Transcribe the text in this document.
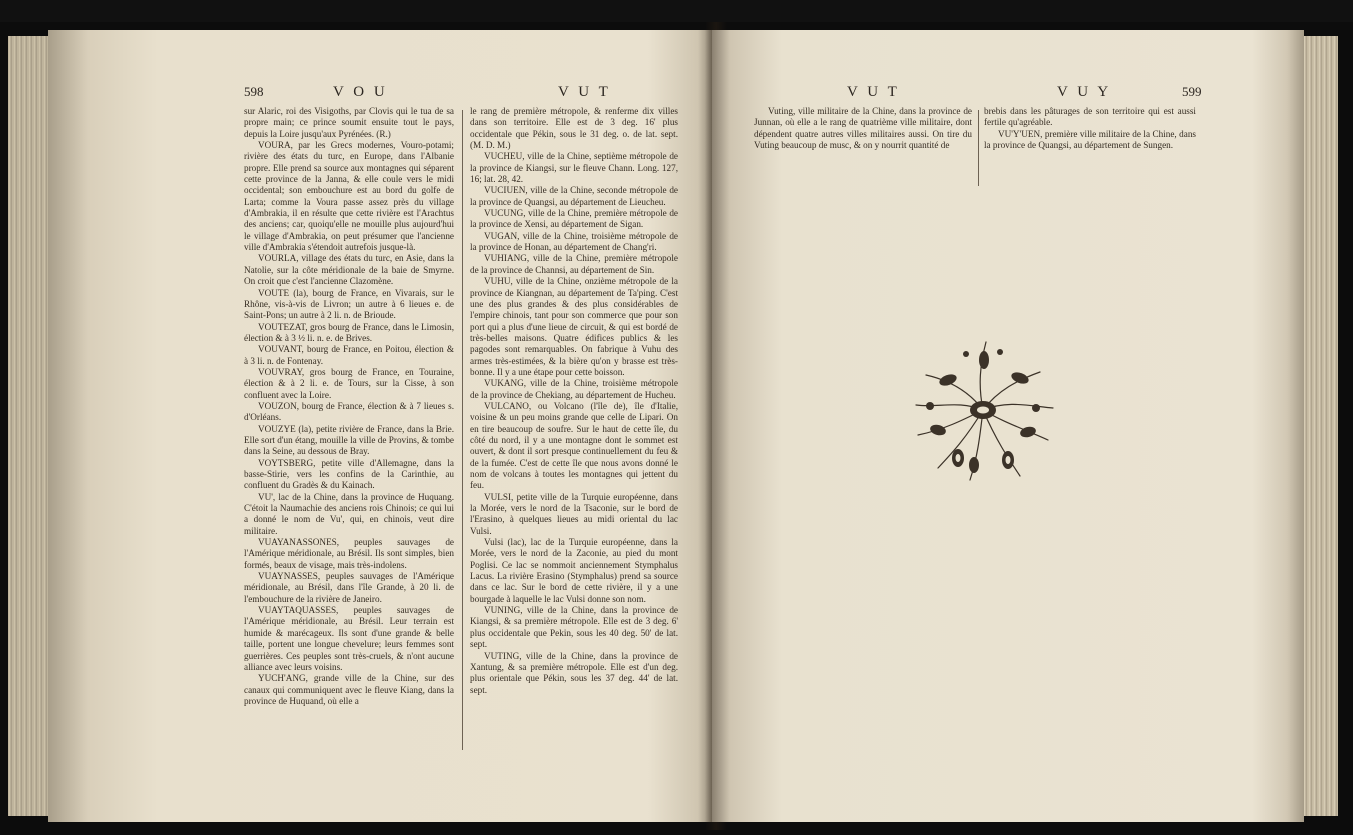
598	V O U	V U T

sur Alaric, roi des Visigoths, par Clovis qui le tua de sa propre main; ce prince soumit ensuite tout le pays, depuis la Loire jusqu'aux Pyrénées. (R.)

VOURA, par les Grecs modernes, Vouro-potami; rivière des états du turc, en Europe, dans l'Albanie propre. Elle prend sa source aux montagnes qui séparent cette province de la Janna, & elle coule vers le midi occidental; son embouchure est au bord du golfe de Larta; comme la Voura passe assez près du village d'Ambrakia, il en résulte que cette rivière est l'Arachtus des anciens; car, quoiqu'elle ne mouille plus aujourd'hui le village d'Ambrakia, on peut présumer que l'ancienne ville d'Ambrakia s'étendoit autrefois jusque-là.

VOURLA, village des états du turc, en Asie, dans la Natolie, sur la côte méridionale de la baie de Smyrne. On croit que c'est l'ancienne Clazomène.

VOUTE (la), bourg de France, en Vivarais, sur le Rhône, vis-à-vis de Livron; un autre à 6 lieues e. de Saint-Pons; un autre à 2 li. n. de Brioude.

VOUTEZAT, gros bourg de France, dans le Limosin, élection & à 3 ½ li. n. e. de Brives.

VOUVANT, bourg de France, en Poitou, élection & à 3 li. n. de Fontenay.

VOUVRAY, gros bourg de France, en Touraine, élection & à 2 li. e. de Tours, sur la Cisse, à son confluent avec la Loire.

VOUZON, bourg de France, élection & à 7 lieues s. d'Orléans.

VOUZYE (la), petite rivière de France, dans la Brie. Elle sort d'un étang, mouille la ville de Provins, & tombe dans la Seine, au dessous de Bray.

VOYTSBERG, petite ville d'Allemagne, dans la basse-Stirie, vers les confins de la Carinthie, au confluent du Gradès & du Kainach.

VU', lac de la Chine, dans la province de Huquang. C'étoit la Naumachie des anciens rois Chinois; ce qui lui a donné le nom de Vu', qui, en chinois, veut dire militaire.

VUAYANASSONES, peuples sauvages de l'Amérique méridionale, au Brésil. Ils sont simples, bien formés, beaux de visage, mais très-indolens.

VUAYNASSES, peuples sauvages de l'Amérique méridionale, au Brésil, dans l'île Grande, à 20 li. de l'embouchure de la rivière de Janeiro.

VUAYTAQUASSES, peuples sauvages de l'Amérique méridionale, au Brésil. Leur terrain est humide & marécageux. Ils sont d'une grande & belle taille, portent une longue chevelure; leurs femmes sont guerrières. Ces peuples sont très-cruels, & n'ont aucune alliance avec leurs voisins.

YUCH'ANG, grande ville de la Chine, sur des canaux qui communiquent avec le fleuve Kiang, dans la province de Huquand, où elle a

le rang de première métropole, & renferme dix villes dans son territoire. Elle est de 3 deg. 16' plus occidentale que Pékin, sous le 31 deg. o. de lat. sept. (M. D. M.)

VUCHEU, ville de la Chine, septième métropole de la province de Kiangsi, sur le fleuve Chann. Long. 127, 16; lat. 28, 42.

VUCIUEN, ville de la Chine, seconde métropole de la province de Quangsi, au département de Lieucheu.

VUCUNG, ville de la Chine, première métropole de la province de Xensi, au département de Sigan.

VUGAN, ville de la Chine, troisième métropole de la province de Honan, au département de Chang'ri.

VUHIANG, ville de la Chine, première métropole de la province de Channsi, au département de Sin.

VUHU, ville de la Chine, onzième métropole de la province de Kiangnan, au département de Ta'ping. C'est une des plus grandes & des plus considérables de l'empire chinois, tant pour son commerce que pour son port qui a plus d'une lieue de circuit, & qui est bordé de très-belles maisons. Quatre édifices publics & les pagodes sont remarquables. On fabrique à Vuhu des armes très-estimées, & la bière qu'on y brasse est très-bonne. Il y a une étape pour cette boisson.

VUKANG, ville de la Chine, troisième métropole de la province de Chekiang, au département de Hucheu.

VULCANO, ou Volcano (l'île de), île d'Italie, voisine & un peu moins grande que celle de Lipari. On en tire beaucoup de soufre. Sur le haut de cette île, du côté du nord, il y a une montagne dont le sommet est ouvert, & dont il sort presque continuellement du feu & de la fumée. C'est de cette île que nous avons donné le nom de volcans à toutes les montagnes qui jettent du feu.

VULSI, petite ville de la Turquie européenne, dans la Morée, vers le nord de la Tsaconie, sur le bord de l'Erasino, à quelques lieues au midi oriental du lac Vulsi.

Vulsi (lac), lac de la Turquie européenne, dans la Morée, vers le nord de la Zaconie, au pied du mont Poglisi. Ce lac se nommoit anciennement Stymphalus Lacus. La rivière Erasino (Stymphalus) prend sa source dans ce lac. Sur le bord de cette rivière, il y a une bourgade à laquelle le lac Vulsi donne son nom.

VUNING, ville de la Chine, dans la province de Kiangsi, & sa première métropole. Elle est de 3 deg. 6' plus occidentale que Pekin, sous les 40 deg. 50' de lat. sept.

VUTING, ville de la Chine, dans la province de Xantung, & sa première métropole. Elle est d'un deg. plus orientale que Pékin, sous les 37 deg. 44' de lat. sept.

V U T	V U Y	599

Vuting, ville militaire de la Chine, dans la province de Junnan, où elle a le rang de quatrième ville militaire, dont dépendent quatre autres villes militaires aussi. On tire du Vuting beaucoup de musc, & on y nourrit quantité de

brebis dans les pâturages de son territoire qui est aussi fertile qu'agréable.

VU'Y'UEN, première ville militaire de la Chine, dans la province de Quangsi, au département de Sungen.
